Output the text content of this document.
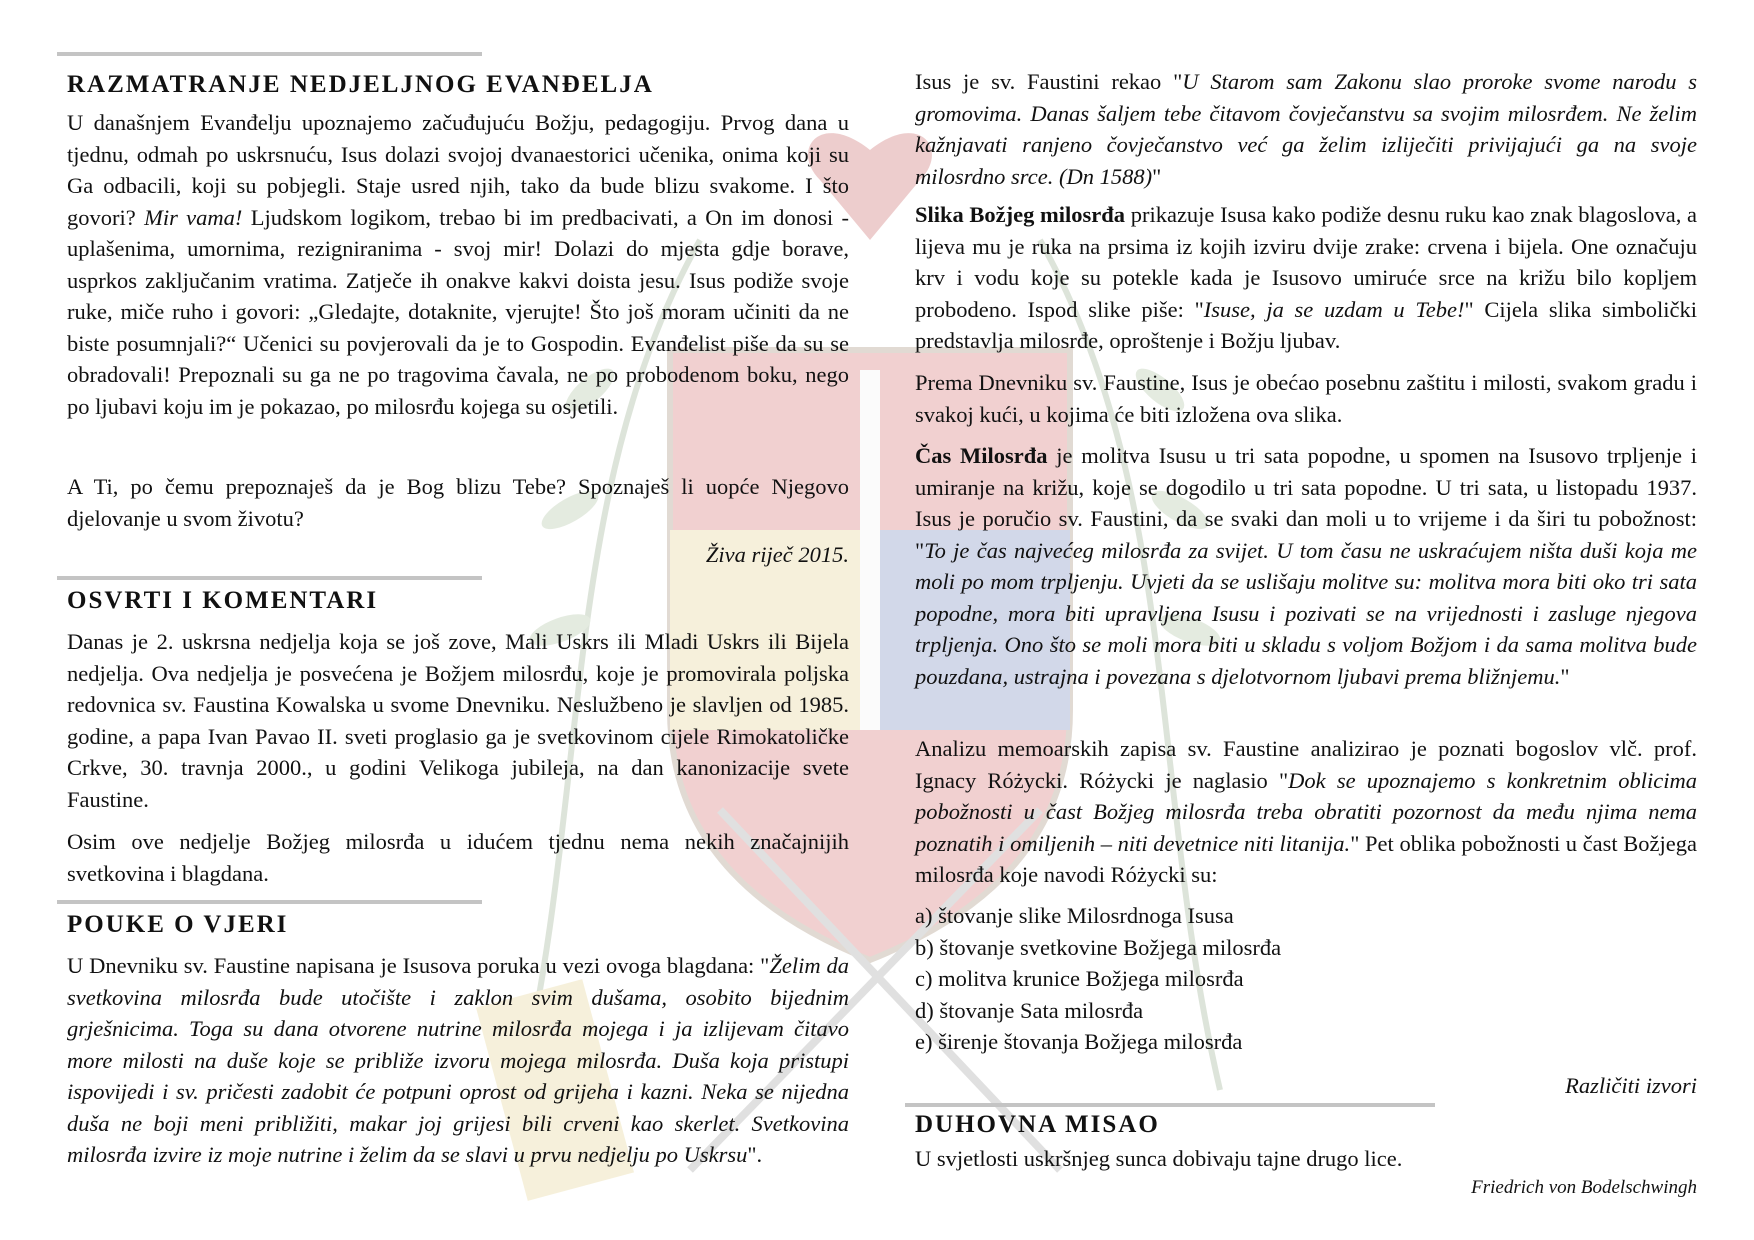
RAZMATRANJE NEDJELJNOG EVANĐELJA

U današnjem Evanđelju upoznajemo začuđujuću Božju, pedagogiju. Prvog dana u tjednu, odmah po uskrsnuću, Isus dolazi svojoj dvanaestorici učenika, onima koji su Ga odbacili, koji su pobjegli. Staje usred njih, tako da bude blizu svakome. I što govori? Mir vama! Ljudskom logikom, trebao bi im predbacivati, a On im donosi - uplašenima, umornima, rezigniranima - svoj mir! Dolazi do mjesta gdje borave, usprkos zaključanim vratima. Zatječe ih onakve kakvi doista jesu. Isus podiže svoje ruke, miče ruho i govori: „Gledajte, dotaknite, vjerujte! Što još moram učiniti da ne biste posumnjali?“ Učenici su povjerovali da je to Gospodin. Evanđelist piše da su se obradovali! Prepoznali su ga ne po tragovima čavala, ne po probodenom boku, nego po ljubavi koju im je pokazao, po milosrđu kojega su osjetili.

A Ti, po čemu prepoznaješ da je Bog blizu Tebe? Spoznaješ li uopće Njegovo djelovanje u svom životu?

Živa riječ 2015.
OSVRTI I KOMENTARI

Danas je 2. uskrsna nedjelja koja se još zove, Mali Uskrs ili Mladi Uskrs ili Bijela nedjelja. Ova nedjelja je posvećena je Božjem milosrđu, koje je promovirala poljska redovnica sv. Faustina Kowalska u svome Dnevniku. Neslužbeno je slavljen od 1985. godine, a papa Ivan Pavao II. sveti proglasio ga je svetkovinom cijele Rimokatoličke Crkve, 30. travnja 2000., u godini Velikoga jubileja, na dan kanonizacije svete Faustine.

Osim ove nedjelje Božjeg milosrđa u idućem tjednu nema nekih značajnijih svetkovina i blagdana.

POUKE O VJERI

U Dnevniku sv. Faustine napisana je Isusova poruka u vezi ovoga blagdana: "Želim da svetkovina milosrđa bude utočište i zaklon svim dušama, osobito bijednim grješnicima. Toga su dana otvorene nutrine milosrđa mojega i ja izlijevam čitavo more milosti na duše koje se približe izvoru mojega milosrđa. Duša koja pristupi ispovijedi i sv. pričesti zadobit će potpuni oprost od grijeha i kazni. Neka se nijedna duša ne boji meni približiti, makar joj grijesi bili crveni kao skerlet. Svetkovina milosrđa izvire iz moje nutrine i želim da se slavi u prvu nedjelju po Uskrsu".

Isus je sv. Faustini rekao "U Starom sam Zakonu slao proroke svome narodu s gromovima. Danas šaljem tebe čitavom čovječanstvu sa svojim milosrđem. Ne želim kažnjavati ranjeno čovječanstvo već ga želim izliječiti privijajući ga na svoje milosrdno srce. (Dn 1588)"

Slika Božjeg milosrđa prikazuje Isusa kako podiže desnu ruku kao znak blagoslova, a lijeva mu je ruka na prsima iz kojih izviru dvije zrake: crvena i bijela. One označuju krv i vodu koje su potekle kada je Isusovo umiruće srce na križu bilo kopljem probodeno. Ispod slike piše: "Isuse, ja se uzdam u Tebe!" Cijela slika simbolički predstavlja milosrđe, oproštenje i Božju ljubav.

Prema Dnevniku sv. Faustine, Isus je obećao posebnu zaštitu i milosti, svakom gradu i svakoj kući, u kojima će biti izložena ova slika.

Čas Milosrđa je molitva Isusu u tri sata popodne, u spomen na Isusovo trpljenje i umiranje na križu, koje se dogodilo u tri sata popodne. U tri sata, u listopadu 1937. Isus je poručio sv. Faustini, da se svaki dan moli u to vrijeme i da širi tu pobožnost: "To je čas najvećeg milosrđa za svijet. U tom času ne uskraćujem ništa duši koja me moli po mom trpljenju. Uvjeti da se uslišaju molitve su: molitva mora biti oko tri sata popodne, mora biti upravljena Isusu i pozivati se na vrijednosti i zasluge njegova trpljenja. Ono što se moli mora biti u skladu s voljom Božjom i da sama molitva bude pouzdana, ustrajna i povezana s djelotvornom ljubavi prema bližnjemu."

Analizu memoarskih zapisa sv. Faustine analizirao je poznati bogoslov vlč. prof. Ignacy Różycki. Różycki je naglasio "Dok se upoznajemo s konkretnim oblicima pobožnosti u čast Božjeg milosrđa treba obratiti pozornost da među njima nema poznatih i omiljenih – niti devetnice niti litanija." Pet oblika pobožnosti u čast Božjega milosrđa koje navodi Różycki su:

a) štovanje slike Milosrdnoga Isusa
b) štovanje svetkovine Božjega milosrđa
c) molitva krunice Božjega milosrđa
d) štovanje Sata milosrđa
e) širenje štovanja Božjega milosrđa
Različiti izvori
DUHOVNA MISAO

U svjetlosti uskršnjeg sunca dobivaju tajne drugo lice.

Friedrich von Bodelschwingh
